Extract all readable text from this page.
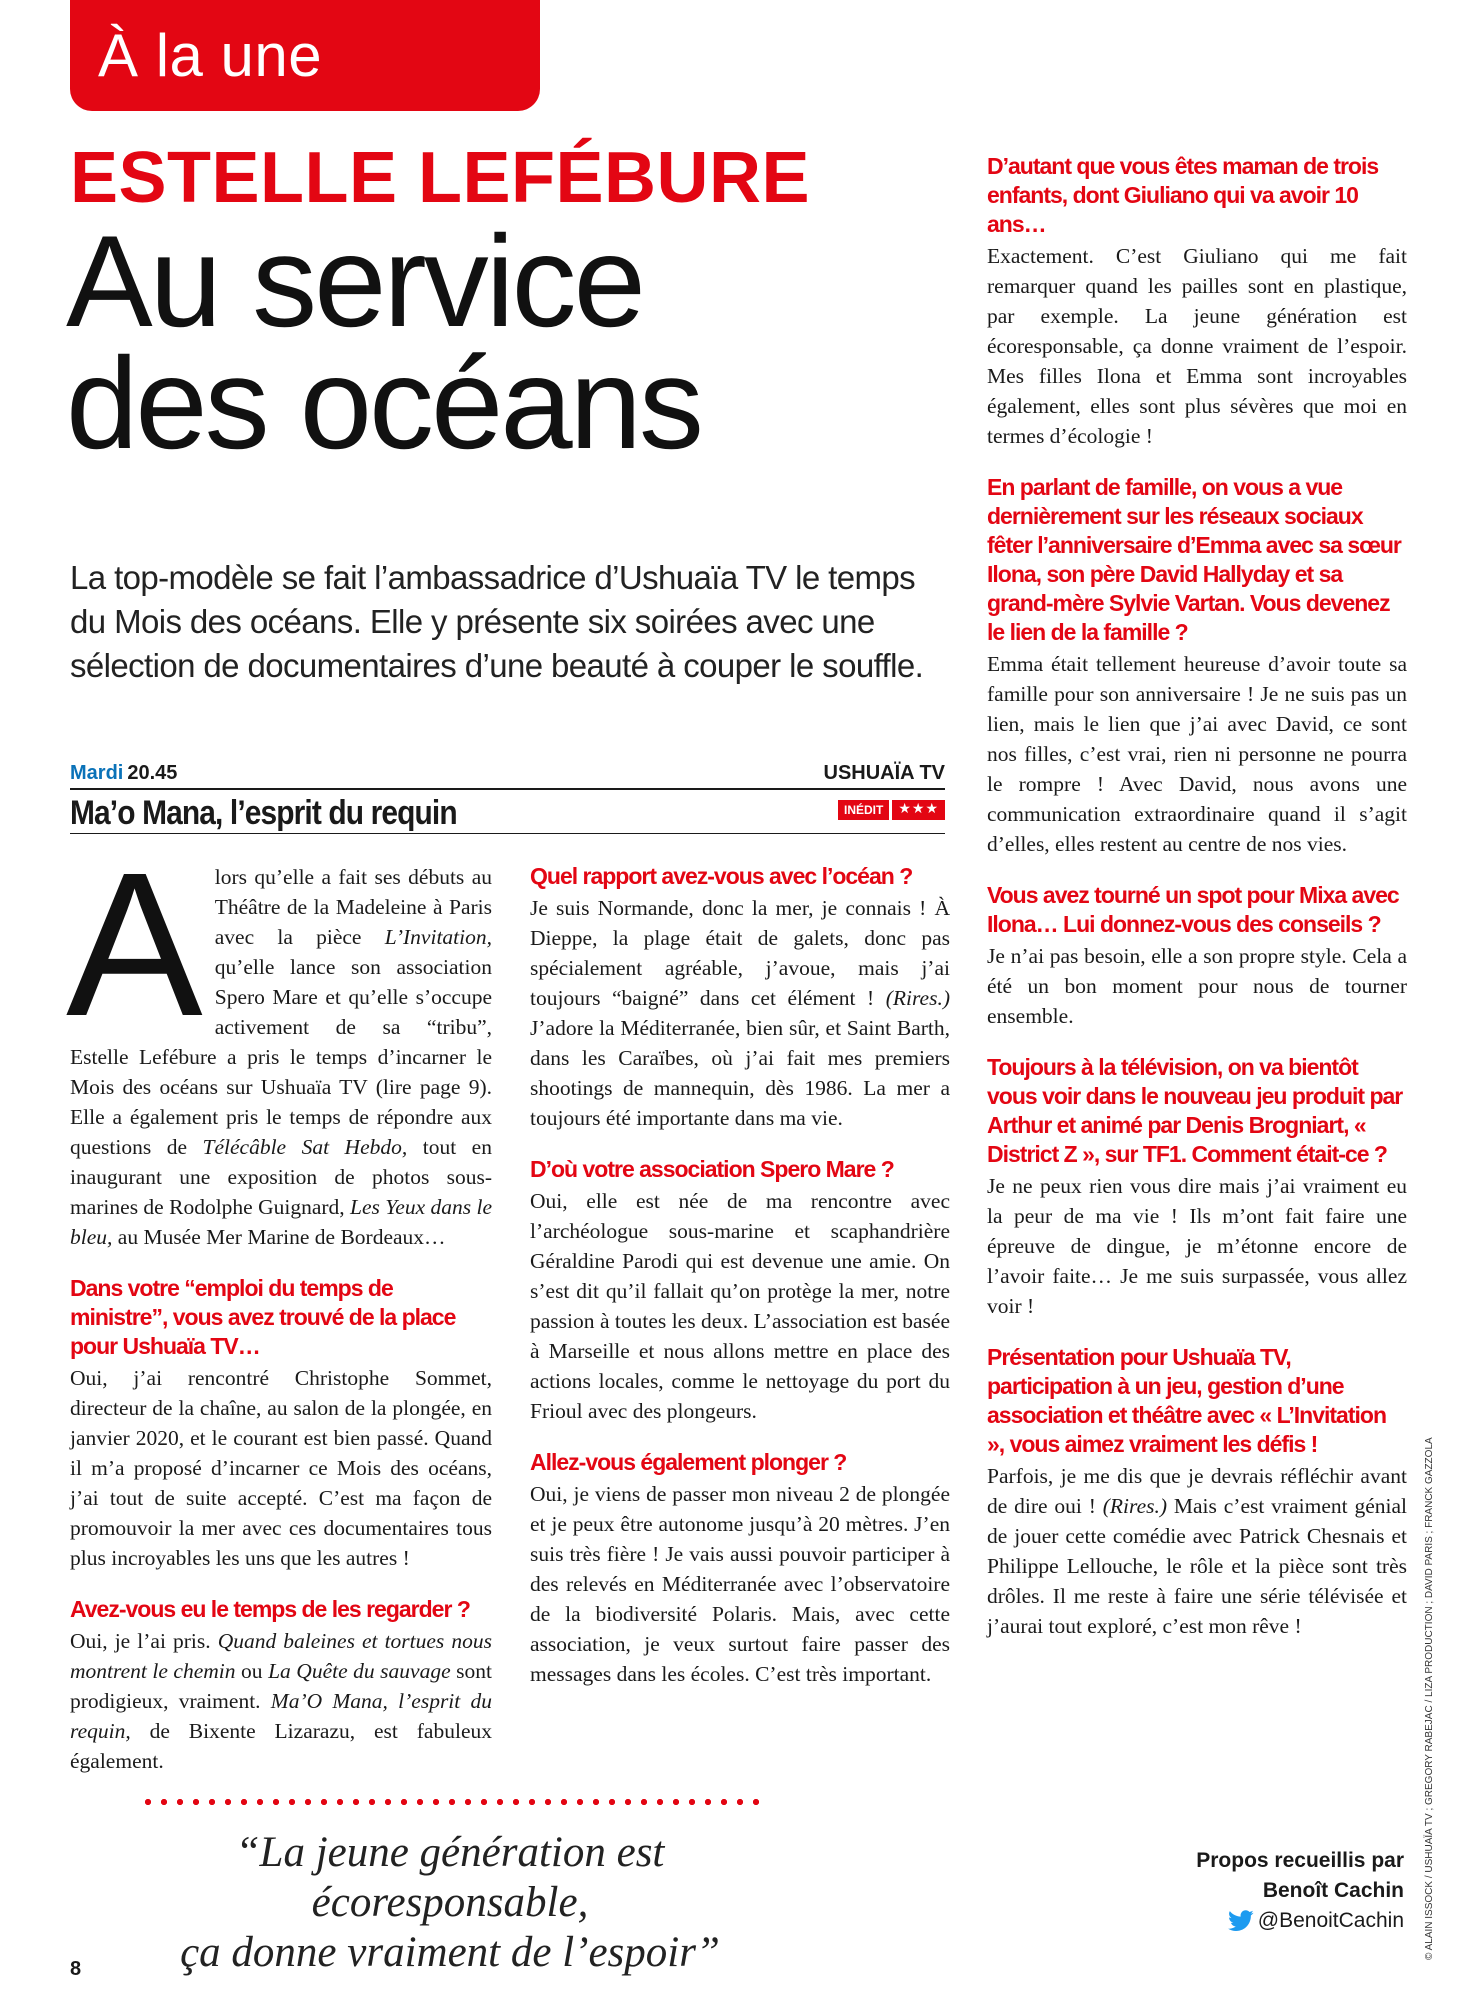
À la une
ESTELLE LEFÉBURE
Au service
des océans
La top-modèle se fait l’ambassadrice d’Ushuaïa TV le temps du Mois des océans. Elle y présente six soirées avec une sélection de documentaires d’une beauté à couper le souffle.
Mardi 20.45	USHUAÏA TV
Ma’o Mana, l’esprit du requin	INÉDIT	★★★

Alors qu’elle a fait ses débuts au Théâtre de la Madeleine à Paris avec la pièce L’Invitation, qu’elle lance son association Spero Mare et qu’elle s’occupe activement de sa “tribu”, Estelle Lefébure a pris le temps d’incarner le Mois des océans sur Ushuaïa TV (lire page 9). Elle a également pris le temps de répondre aux questions de Télécâble Sat Hebdo, tout en inaugurant une exposition de photos sous-marines de Rodolphe Guignard, Les Yeux dans le bleu, au Musée Mer Marine de Bordeaux…

Dans votre “emploi du temps de ministre”, vous avez trouvé de la place pour Ushuaïa TV…

Oui, j’ai rencontré Christophe Sommet, directeur de la chaîne, au salon de la plongée, en janvier 2020, et le courant est bien passé. Quand il m’a proposé d’incarner ce Mois des océans, j’ai tout de suite accepté. C’est ma façon de promouvoir la mer avec ces documentaires tous plus incroyables les uns que les autres !

Avez-vous eu le temps de les regarder ?

Oui, je l’ai pris. Quand baleines et tortues nous montrent le chemin ou La Quête du sauvage sont prodigieux, vraiment. Ma’O Mana, l’esprit du requin, de Bixente Lizarazu, est fabuleux également.

Quel rapport avez-vous avec l’océan ?

Je suis Normande, donc la mer, je connais ! À Dieppe, la plage était de galets, donc pas spécialement agréable, j’avoue, mais j’ai toujours “baigné” dans cet élément ! (Rires.) J’adore la Méditerranée, bien sûr, et Saint Barth, dans les Caraïbes, où j’ai fait mes premiers shootings de mannequin, dès 1986. La mer a toujours été importante dans ma vie.

D’où votre association Spero Mare ?

Oui, elle est née de ma rencontre avec l’archéologue sous-marine et scaphandrière Géraldine Parodi qui est devenue une amie. On s’est dit qu’il fallait qu’on protège la mer, notre passion à toutes les deux. L’association est basée à Marseille et nous allons mettre en place des actions locales, comme le nettoyage du port du Frioul avec des plongeurs.

Allez-vous également plonger ?

Oui, je viens de passer mon niveau 2 de plongée et je peux être autonome jusqu’à 20 mètres. J’en suis très fière ! Je vais aussi pouvoir participer à des relevés en Méditerranée avec l’observatoire de la biodiversité Polaris. Mais, avec cette association, je veux surtout faire passer des messages dans les écoles. C’est très important.

D’autant que vous êtes maman de trois enfants, dont Giuliano qui va avoir 10 ans…

Exactement. C’est Giuliano qui me fait remarquer quand les pailles sont en plastique, par exemple. La jeune génération est écoresponsable, ça donne vraiment de l’espoir. Mes filles Ilona et Emma sont incroyables également, elles sont plus sévères que moi en termes d’écologie !

En parlant de famille, on vous a vue dernièrement sur les réseaux sociaux fêter l’anniversaire d’Emma avec sa sœur Ilona, son père David Hallyday et sa grand-mère Sylvie Vartan. Vous devenez le lien de la famille ?

Emma était tellement heureuse d’avoir toute sa famille pour son anniversaire ! Je ne suis pas un lien, mais le lien que j’ai avec David, ce sont nos filles, c’est vrai, rien ni personne ne pourra le rompre ! Avec David, nous avons une communication extraordinaire quand il s’agit d’elles, elles restent au centre de nos vies.

Vous avez tourné un spot pour Mixa avec Ilona… Lui donnez-vous des conseils ?

Je n’ai pas besoin, elle a son propre style. Cela a été un bon moment pour nous de tourner ensemble.

Toujours à la télévision, on va bientôt vous voir dans le nouveau jeu produit par Arthur et animé par Denis Brogniart, « District Z », sur TF1. Comment était-ce ?

Je ne peux rien vous dire mais j’ai vraiment eu la peur de ma vie ! Ils m’ont fait faire une épreuve de dingue, je m’étonne encore de l’avoir faite… Je me suis surpassée, vous allez voir !

Présentation pour Ushuaïa TV, participation à un jeu, gestion d’une association et théâtre avec « L’Invitation », vous aimez vraiment les défis !

Parfois, je me dis que je devrais réfléchir avant de dire oui ! (Rires.) Mais c’est vraiment génial de jouer cette comédie avec Patrick Chesnais et Philippe Lellouche, le rôle et la pièce sont très drôles. Il me reste à faire une série télévisée et j’aurai tout exploré, c’est mon rêve !

“La jeune génération est écoresponsable,
ça donne vraiment de l’espoir”
Propos recueillis par
Benoît Cachin
@BenoitCachin
8
© ALAIN ISSOCK / USHUAÏA TV ; GREGORY RABEJAC / LIZA PRODUCTION ; DAVID PARIS ; FRANCK GAZZOLA
